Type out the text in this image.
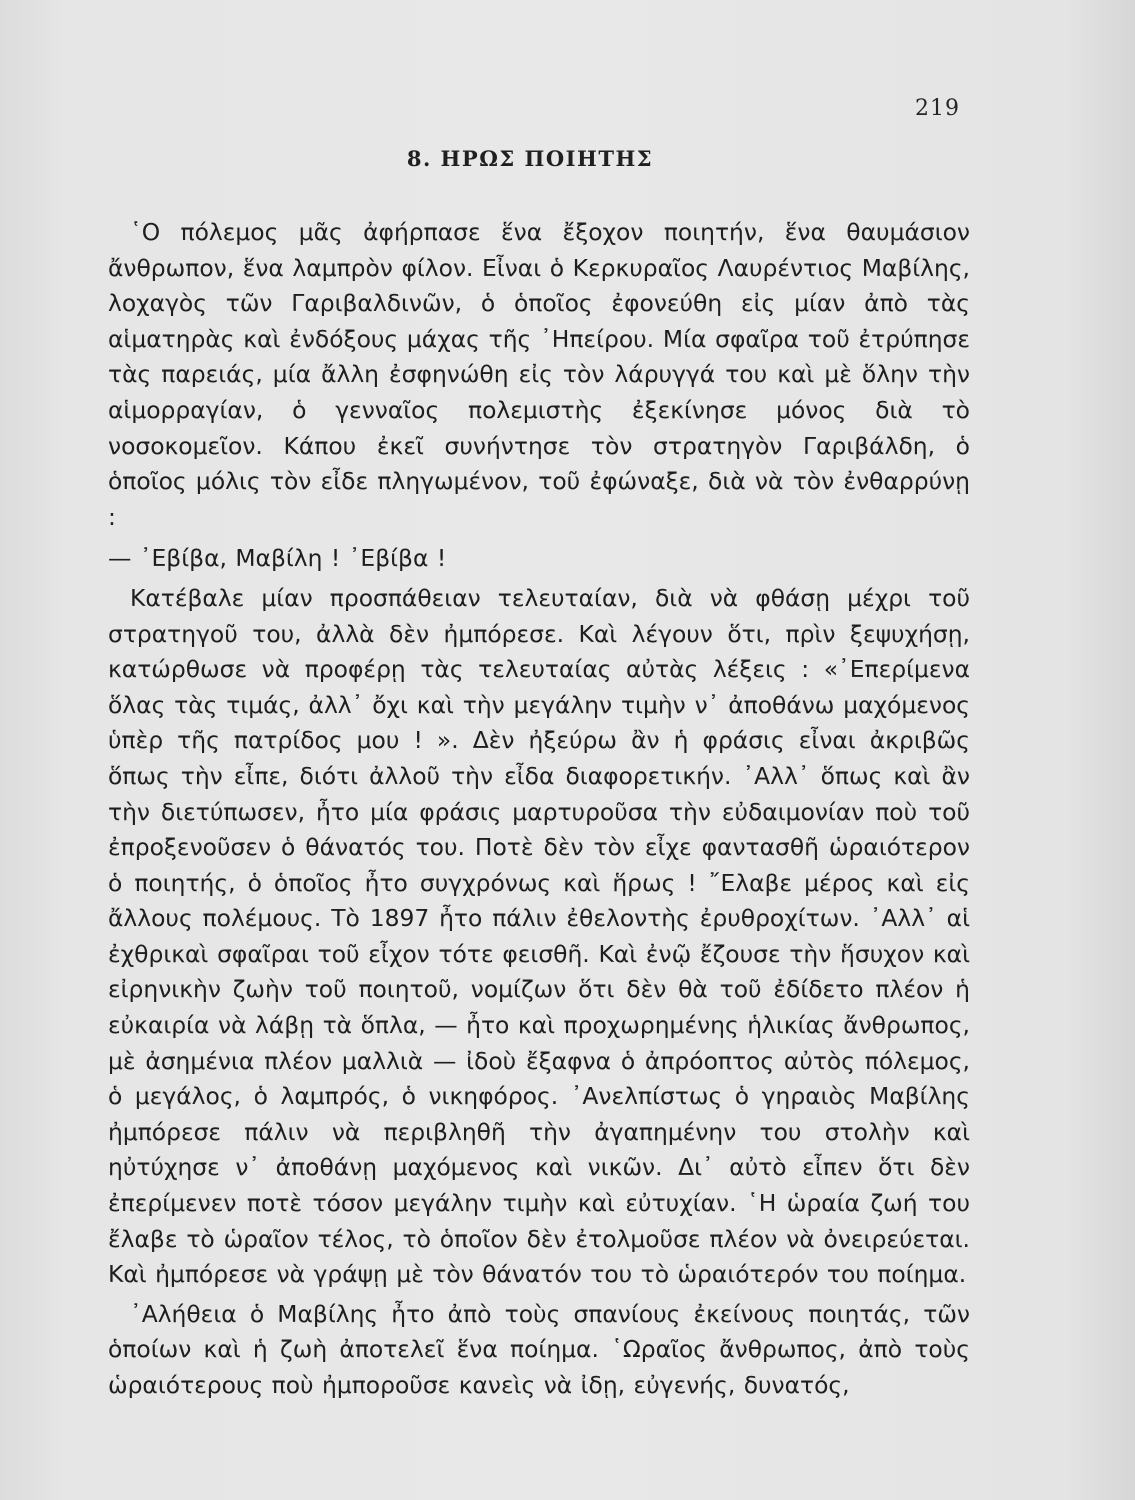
219
8. ΗΡΩΣ ΠΟΙΗΤΗΣ

῾Ο πόλεμος μᾶς ἀφήρπασε ἕνα ἔξοχον ποιητήν, ἕνα θαυμάσιον ἄνθρωπον, ἕνα λαμπρὸν φίλον. Εἶναι ὁ Κερκυραῖος Λαυρέντιος Μαβίλης, λοχαγὸς τῶν Γαριβαλδινῶν, ὁ ὁποῖος ἐφονεύθη εἰς μίαν ἀπὸ τὰς αἱματηρὰς καὶ ἐνδόξους μάχας τῆς ᾿Ηπείρου. Μία σφαῖρα τοῦ ἐτρύπησε τὰς παρειάς, μία ἄλλη ἐσφηνώθη εἰς τὸν λάρυγγά του καὶ μὲ ὅλην τὴν αἱμορραγίαν, ὁ γενναῖος πολεμιστὴς ἐξεκίνησε μόνος διὰ τὸ νοσοκομεῖον. Κάπου ἐκεῖ συνήντησε τὸν στρατηγὸν Γαριβάλδη, ὁ ὁποῖος μόλις τὸν εἶδε πληγωμένον, τοῦ ἐφώναξε, διὰ νὰ τὸν ἐνθαρρύνῃ :

— ᾿Εβίβα, Μαβίλη ! ᾿Εβίβα !

Κατέβαλε μίαν προσπάθειαν τελευταίαν, διὰ νὰ φθάσῃ μέχρι τοῦ στρατηγοῦ του, ἀλλὰ δὲν ἠμπόρεσε. Καὶ λέγουν ὅτι, πρὶν ξεψυχήσῃ, κατώρθωσε νὰ προφέρῃ τὰς τελευταίας αὐτὰς λέξεις : «᾿Επερίμενα ὅλας τὰς τιμάς, ἀλλ᾿ ὄχι καὶ τὴν μεγάλην τιμὴν ν᾿ ἀποθάνω μαχόμενος ὑπὲρ τῆς πατρίδος μου ! ». Δὲν ἠξεύρω ἂν ἡ φράσις εἶναι ἀκριβῶς ὅπως τὴν εἶπε, διότι ἀλλοῦ τὴν εἶδα διαφορετικήν. ᾿Αλλ᾿ ὅπως καὶ ἂν τὴν διετύπωσεν, ἦτο μία φράσις μαρτυροῦσα τὴν εὐδαιμονίαν ποὺ τοῦ ἐπροξενοῦσεν ὁ θάνατός του. Ποτὲ δὲν τὸν εἶχε φαντασθῆ ὡραιότερον ὁ ποιητής, ὁ ὁποῖος ἦτο συγχρόνως καὶ ἥρως ! ῎Ελαβε μέρος καὶ εἰς ἄλλους πολέμους. Τὸ 1897 ἦτο πάλιν ἐθελοντὴς ἐρυθροχίτων. ᾿Αλλ᾿ αἱ ἐχθρικαὶ σφαῖραι τοῦ εἶχον τότε φεισθῆ. Καὶ ἐνῷ ἔζουσε τὴν ἥσυχον καὶ εἰρηνικὴν ζωὴν τοῦ ποιητοῦ, νομίζων ὅτι δὲν θὰ τοῦ ἐδίδετο πλέον ἡ εὐκαιρία νὰ λάβῃ τὰ ὅπλα, — ἦτο καὶ προχωρημένης ἡλικίας ἄνθρωπος, μὲ ἀσημένια πλέον μαλλιὰ — ἰδοὺ ἔξαφνα ὁ ἀπρόοπτος αὐτὸς πόλεμος, ὁ μεγάλος, ὁ λαμπρός, ὁ νικηφόρος. ᾿Ανελπίστως ὁ γηραιὸς Μαβίλης ἠμπόρεσε πάλιν νὰ περιβληθῆ τὴν ἀγαπημένην του στολὴν καὶ ηὐτύχησε ν᾿ ἀποθάνῃ μαχόμενος καὶ νικῶν. Δι᾿ αὐτὸ εἶπεν ὅτι δὲν ἐπερίμενεν ποτὲ τόσον μεγάλην τιμὴν καὶ εὐτυχίαν. ῾Η ὡραία ζωή του ἔλαβε τὸ ὡραῖον τέλος, τὸ ὁποῖον δὲν ἐτολμοῦσε πλέον νὰ ὀνειρεύεται. Καὶ ἠμπόρεσε νὰ γράψῃ μὲ τὸν θάνατόν του τὸ ὡραιότερόν του ποίημα.

᾿Αλήθεια ὁ Μαβίλης ἦτο ἀπὸ τοὺς σπανίους ἐκείνους ποιητάς, τῶν ὁποίων καὶ ἡ ζωὴ ἀποτελεῖ ἕνα ποίημα. ῾Ωραῖος ἄνθρωπος, ἀπὸ τοὺς ὡραιότερους ποὺ ἠμποροῦσε κανεὶς νὰ ἰδῃ, εὐγενής, δυνατός,
